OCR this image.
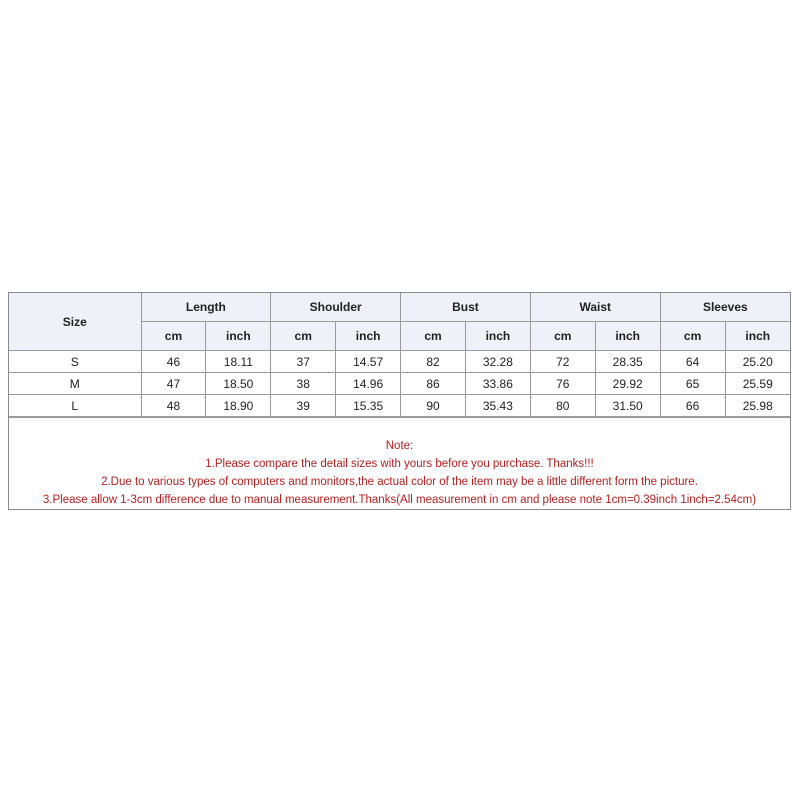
Size	Length		Shoulder		Bust		Waist		Sleeves	
	cm	inch	cm	inch	cm	inch	cm	inch	cm	inch
S	46	18.11	37	14.57	82	32.28	72	28.35	64	25.20
M	47	18.50	38	14.96	86	33.86	76	29.92	65	25.59
L	48	18.90	39	15.35	90	35.43	80	31.50	66	25.98
Note:
1.Please compare the detail sizes with yours before you purchase. Thanks!!!
2.Due to various types of computers and monitors,the actual color of the item may be a little different form the picture.
3.Please allow 1-3cm difference due to manual measurement.Thanks(All measurement in cm and please note 1cm=0.39inch 1inch=2.54cm)
